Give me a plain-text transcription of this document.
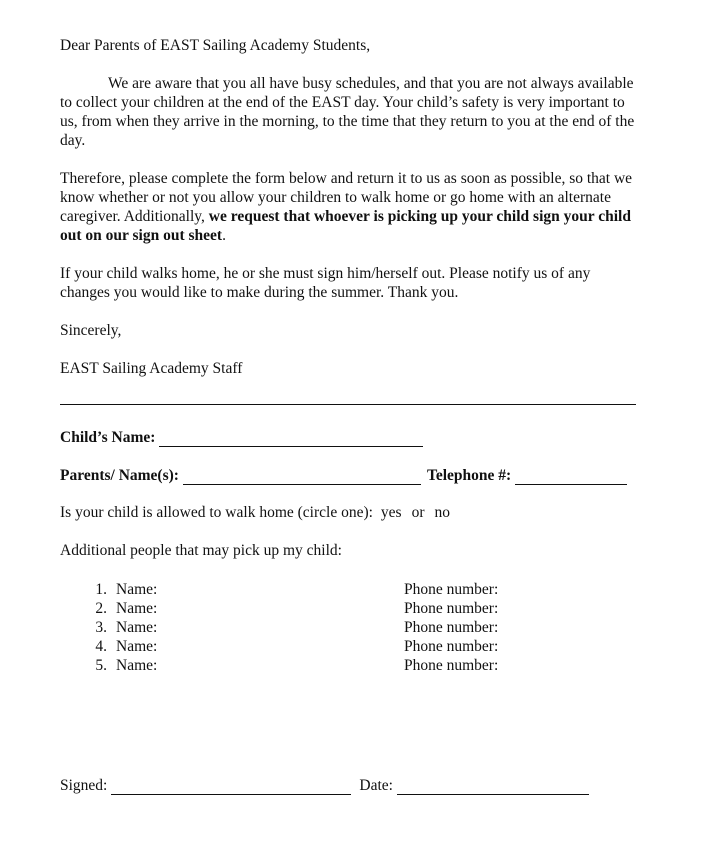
Dear Parents of EAST Sailing Academy Students,

We are aware that you all have busy schedules, and that you are not always available to collect your children at the end of the EAST day. Your child’s safety is very important to us, from when they arrive in the morning, to the time that they return to you at the end of the day.

Therefore, please complete the form below and return it to us as soon as possible, so that we know whether or not you allow your children to walk home or go home with an alternate caregiver. Additionally, we request that whoever is picking up your child sign your child out on our sign out sheet.

If your child walks home, he or she must sign him/herself out. Please notify us of any changes you would like to make during the summer. Thank you.

Sincerely,

EAST Sailing Academy Staff

Child’s Name:
Parents/ Name(s):	Telephone #:
Is your child is allowed to walk home (circle one): yes or no
Additional people that may pick up my child:
1. Name:	Phone number:
2. Name:	Phone number:
3. Name:	Phone number:
4. Name:	Phone number:
5. Name:	Phone number:
Signed:	Date:
